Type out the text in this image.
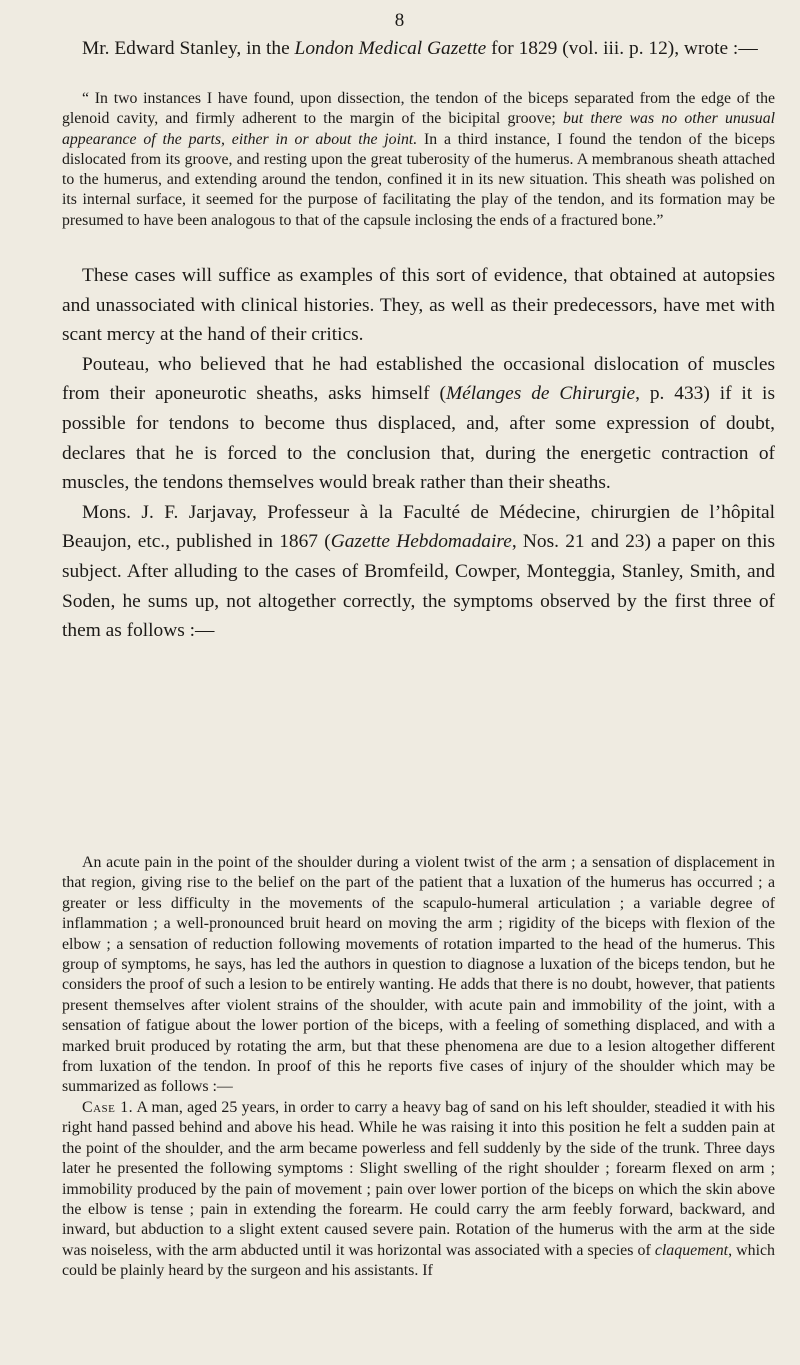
8

Mr. Edward Stanley, in the London Medical Gazette for 1829 (vol. iii. p. 12), wrote :—

“ In two instances I have found, upon dissection, the tendon of the biceps separated from the edge of the glenoid cavity, and firmly adherent to the margin of the bicipital groove; but there was no other unusual appearance of the parts, either in or about the joint. In a third instance, I found the tendon of the biceps dislocated from its groove, and resting upon the great tuberosity of the humerus. A membranous sheath attached to the humerus, and extending around the tendon, confined it in its new situation. This sheath was polished on its internal surface, it seemed for the purpose of facilitating the play of the tendon, and its formation may be presumed to have been analogous to that of the capsule inclosing the ends of a fractured bone.”

These cases will suffice as examples of this sort of evidence, that obtained at autopsies and unassociated with clinical histories. They, as well as their predecessors, have met with scant mercy at the hand of their critics.

Pouteau, who believed that he had established the occasional dislocation of muscles from their aponeurotic sheaths, asks himself (Mélanges de Chirurgie, p. 433) if it is possible for tendons to become thus displaced, and, after some expression of doubt, declares that he is forced to the conclusion that, during the energetic contraction of muscles, the tendons themselves would break rather than their sheaths.

Mons. J. F. Jarjavay, Professeur à la Faculté de Médecine, chirurgien de l’hôpital Beaujon, etc., published in 1867 (Gazette Hebdomadaire, Nos. 21 and 23) a paper on this subject. After alluding to the cases of Bromfeild, Cowper, Monteggia, Stanley, Smith, and Soden, he sums up, not altogether correctly, the symptoms observed by the first three of them as follows :—

An acute pain in the point of the shoulder during a violent twist of the arm ; a sensation of displacement in that region, giving rise to the belief on the part of the patient that a luxation of the humerus has occurred ; a greater or less difficulty in the movements of the scapulo-humeral articulation ; a variable degree of inflammation ; a well-pronounced bruit heard on moving the arm ; rigidity of the biceps with flexion of the elbow ; a sensation of reduction following movements of rotation imparted to the head of the humerus. This group of symptoms, he says, has led the authors in question to diagnose a luxation of the biceps tendon, but he considers the proof of such a lesion to be entirely wanting. He adds that there is no doubt, however, that patients present themselves after violent strains of the shoulder, with acute pain and immobility of the joint, with a sensation of fatigue about the lower portion of the biceps, with a feeling of something displaced, and with a marked bruit produced by rotating the arm, but that these phenomena are due to a lesion altogether different from luxation of the tendon. In proof of this he reports five cases of injury of the shoulder which may be summarized as follows :—

Case 1. A man, aged 25 years, in order to carry a heavy bag of sand on his left shoulder, steadied it with his right hand passed behind and above his head. While he was raising it into this position he felt a sudden pain at the point of the shoulder, and the arm became powerless and fell suddenly by the side of the trunk. Three days later he presented the following symptoms : Slight swelling of the right shoulder ; forearm flexed on arm ; immobility produced by the pain of movement ; pain over lower portion of the biceps on which the skin above the elbow is tense ; pain in extending the forearm. He could carry the arm feebly forward, backward, and inward, but abduction to a slight extent caused severe pain. Rotation of the humerus with the arm at the side was noiseless, with the arm abducted until it was horizontal was associated with a species of claquement, which could be plainly heard by the surgeon and his assistants. If
